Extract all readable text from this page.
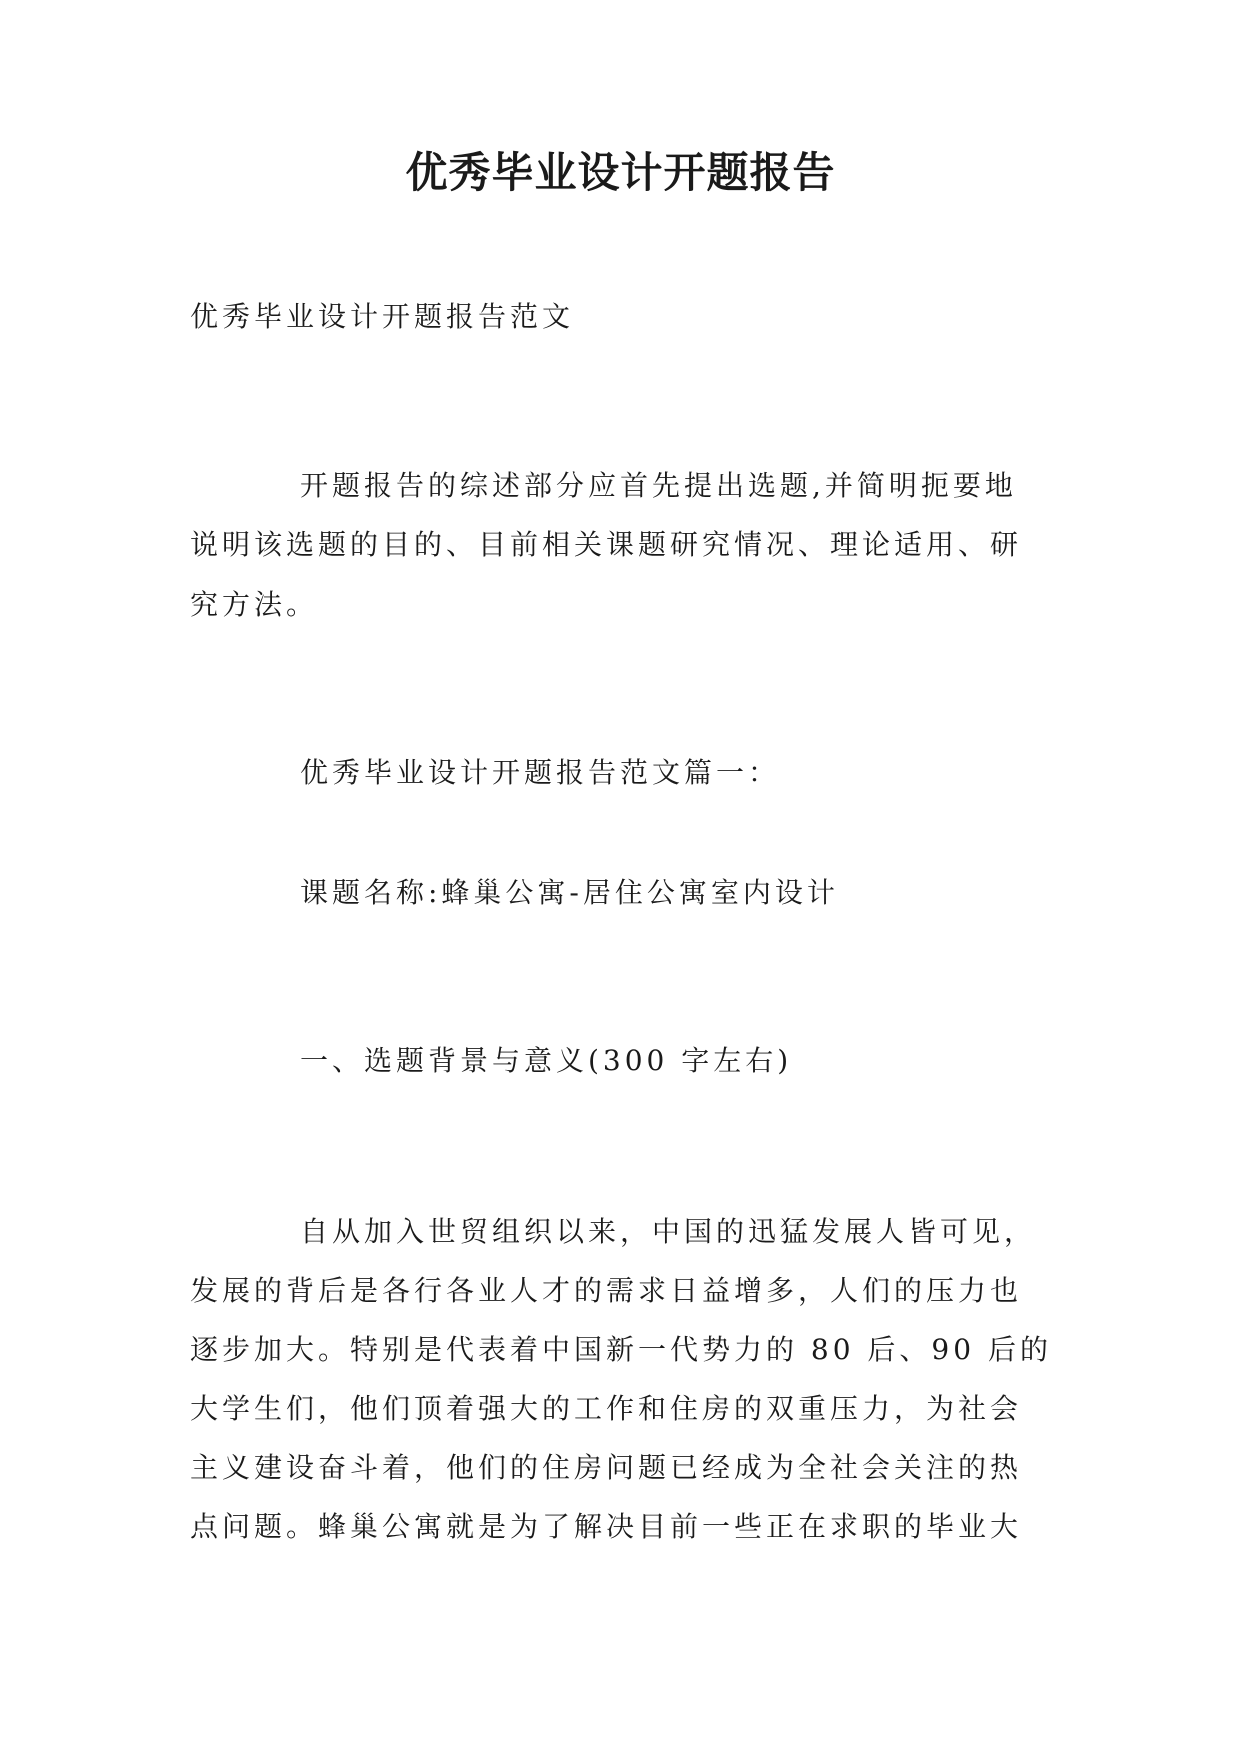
优秀毕业设计开题报告

优秀毕业设计开题报告范文

开题报告的综述部分应首先提出选题,并简明扼要地

说明该选题的目的、目前相关课题研究情况、理论适用、研

究方法。

优秀毕业设计开题报告范文篇一：

课题名称:蜂巢公寓-居住公寓室内设计

一、选题背景与意义(300 字左右)

自从加入世贸组织以来，中国的迅猛发展人皆可见，

发展的背后是各行各业人才的需求日益增多，人们的压力也

逐步加大。特别是代表着中国新一代势力的 80 后、90 后的

大学生们，他们顶着强大的工作和住房的双重压力，为社会

主义建设奋斗着，他们的住房问题已经成为全社会关注的热

点问题。蜂巢公寓就是为了解决目前一些正在求职的毕业大
